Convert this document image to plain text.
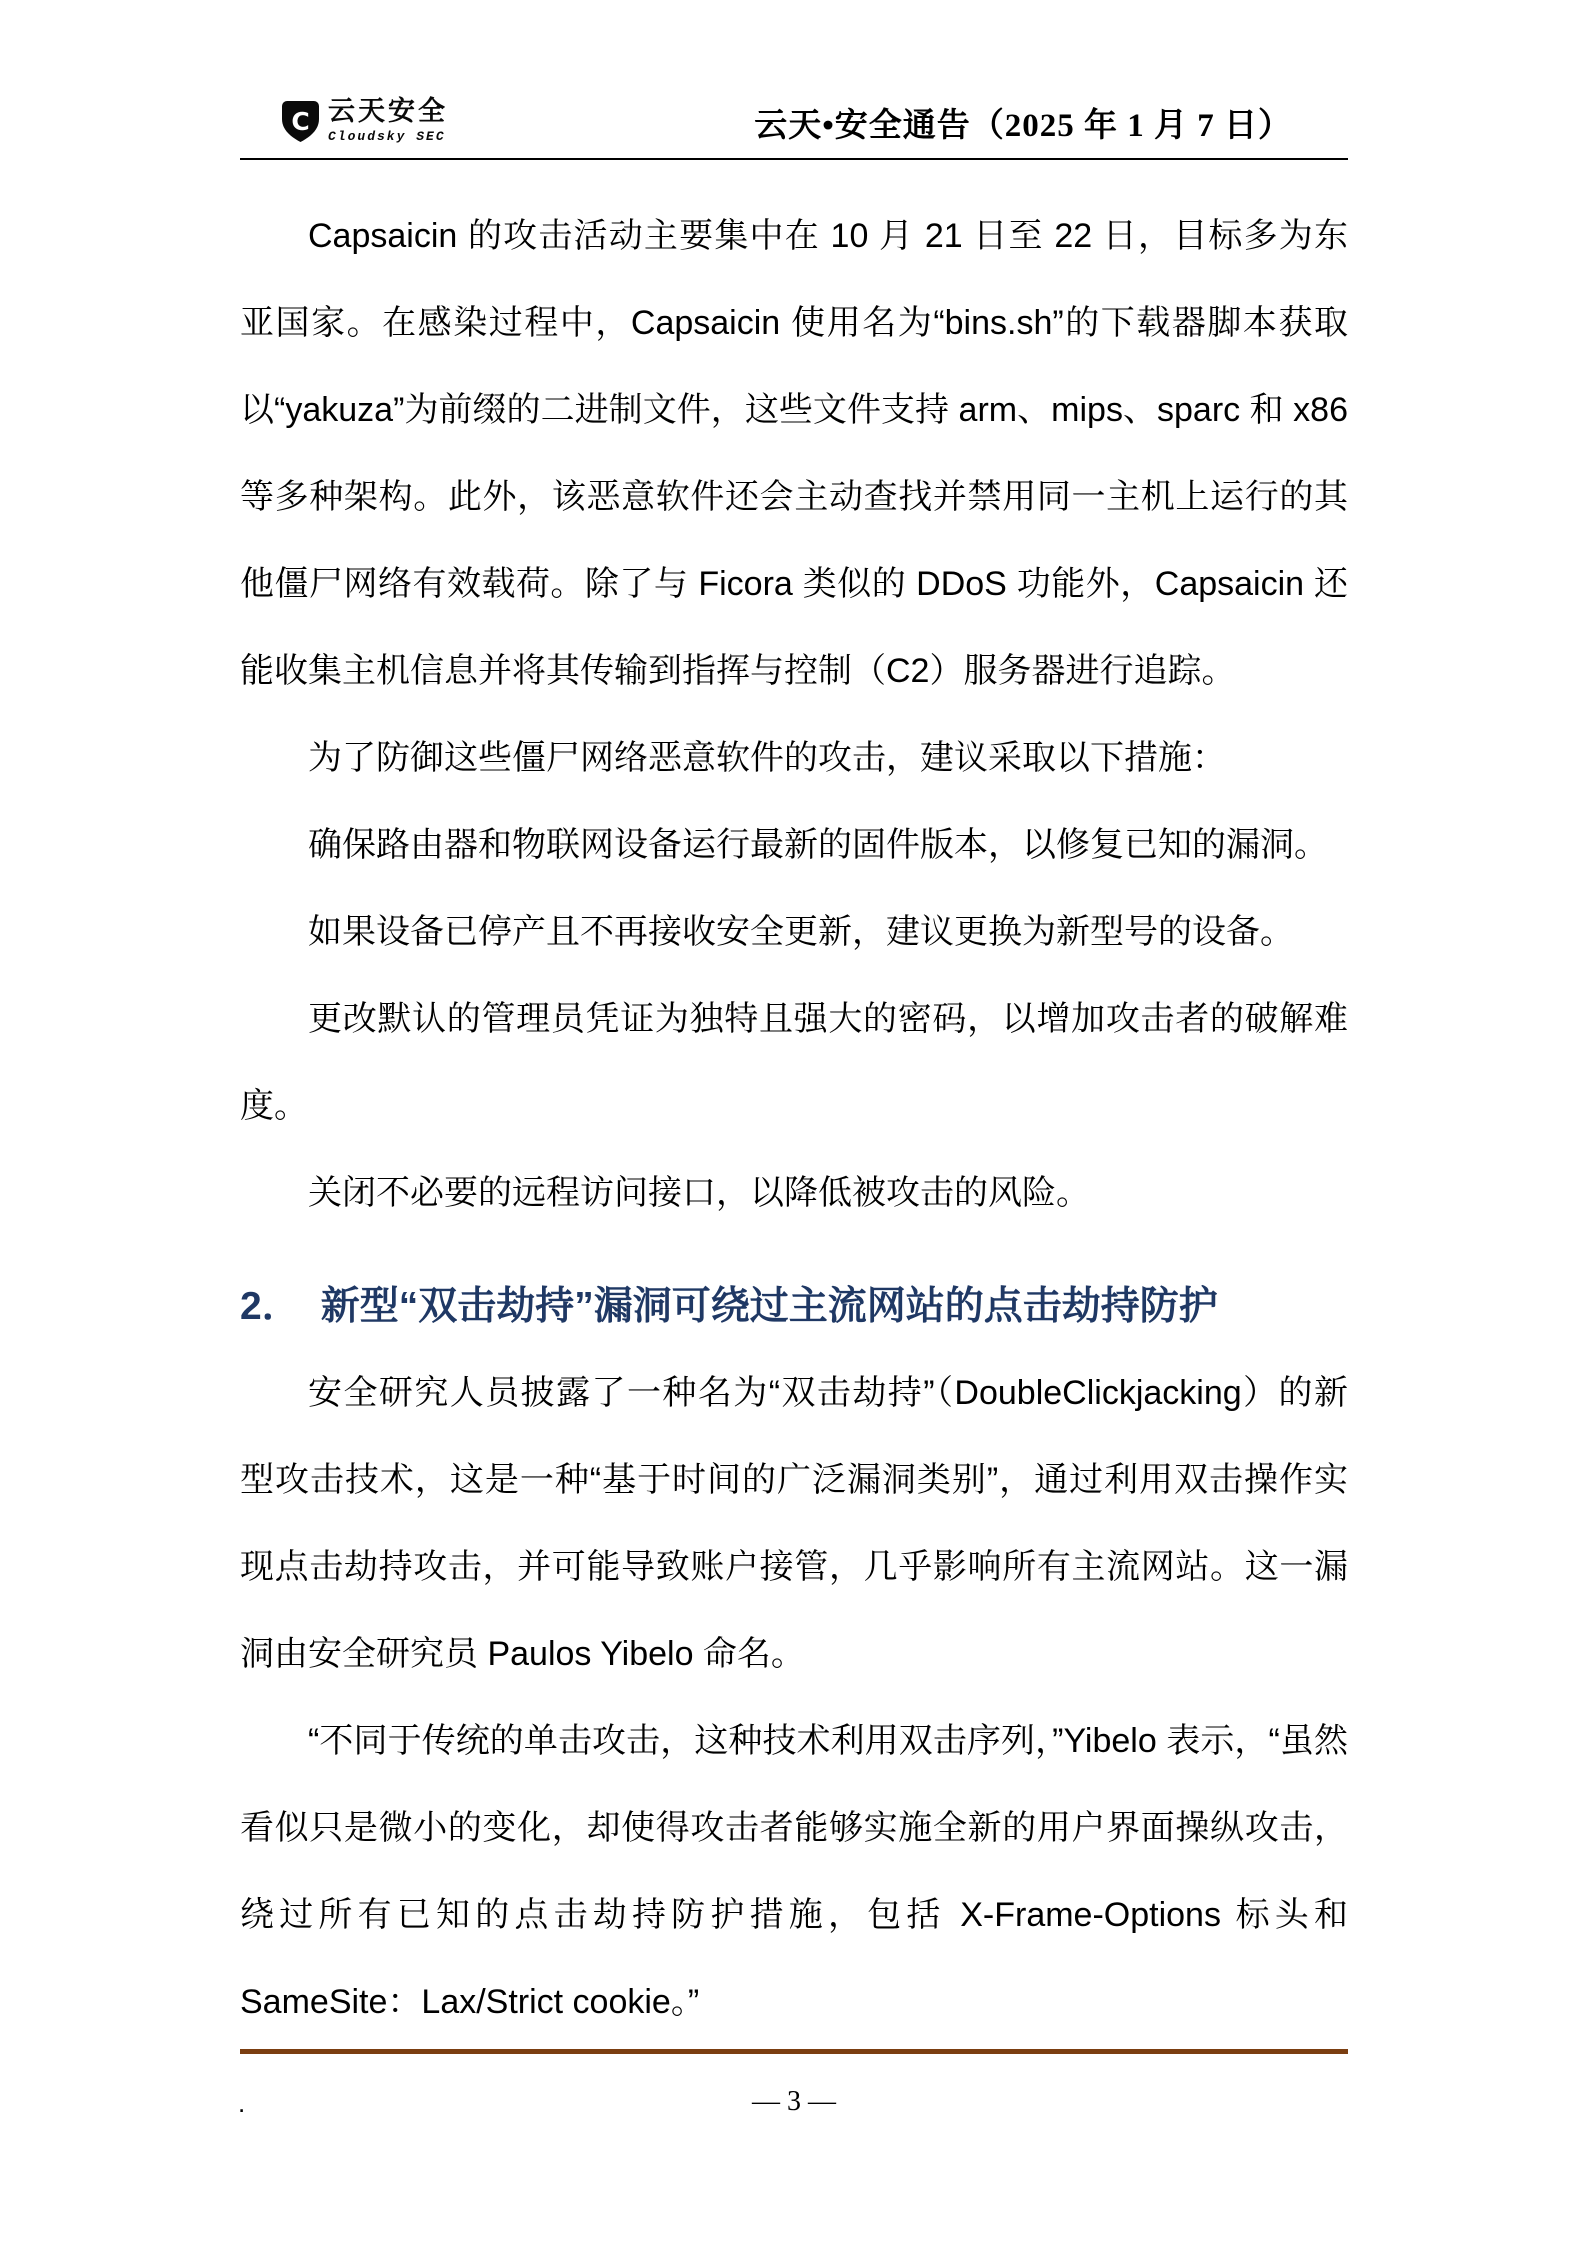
C 云天安全
Cloudsky SEC	云天•安全通告（2025 年 1 月 7 日）

Capsaicin 的攻击活动主要集中在 10 月 21 日至 22 日，目标多为东亚国家。在感染过程中，Capsaicin 使用名为“bins.sh”的下载器脚本获取以“yakuza”为前缀的二进制文件，这些文件支持 arm、mips、sparc 和 x86 等多种架构。此外，该恶意软件还会主动查找并禁用同一主机上运行的其他僵尸网络有效载荷。除了与 Ficora 类似的 DDoS 功能外，Capsaicin 还能收集主机信息并将其传输到指挥与控制（C2）服务器进行追踪。

为了防御这些僵尸网络恶意软件的攻击，建议采取以下措施：

确保路由器和物联网设备运行最新的固件版本，以修复已知的漏洞。

如果设备已停产且不再接收安全更新，建议更换为新型号的设备。

更改默认的管理员凭证为独特且强大的密码，以增加攻击者的破解难度。

关闭不必要的远程访问接口，以降低被攻击的风险。

2． 新型“双击劫持”漏洞可绕过主流网站的点击劫持防护

安全研究人员披露了一种名为“双击劫持”（DoubleClickjacking）的新型攻击技术，这是一种“基于时间的广泛漏洞类别”，通过利用双击操作实现点击劫持攻击，并可能导致账户接管，几乎影响所有主流网站。这一漏洞由安全研究员 Paulos Yibelo 命名。

“不同于传统的单击攻击，这种技术利用双击序列，”Yibelo 表示，“虽然看似只是微小的变化，却使得攻击者能够实施全新的用户界面操纵攻击，绕过所有已知的点击劫持防护措施，包括 X-Frame-Options 标头和 SameSite：Lax/Strict cookie。”

.	— 3 —
